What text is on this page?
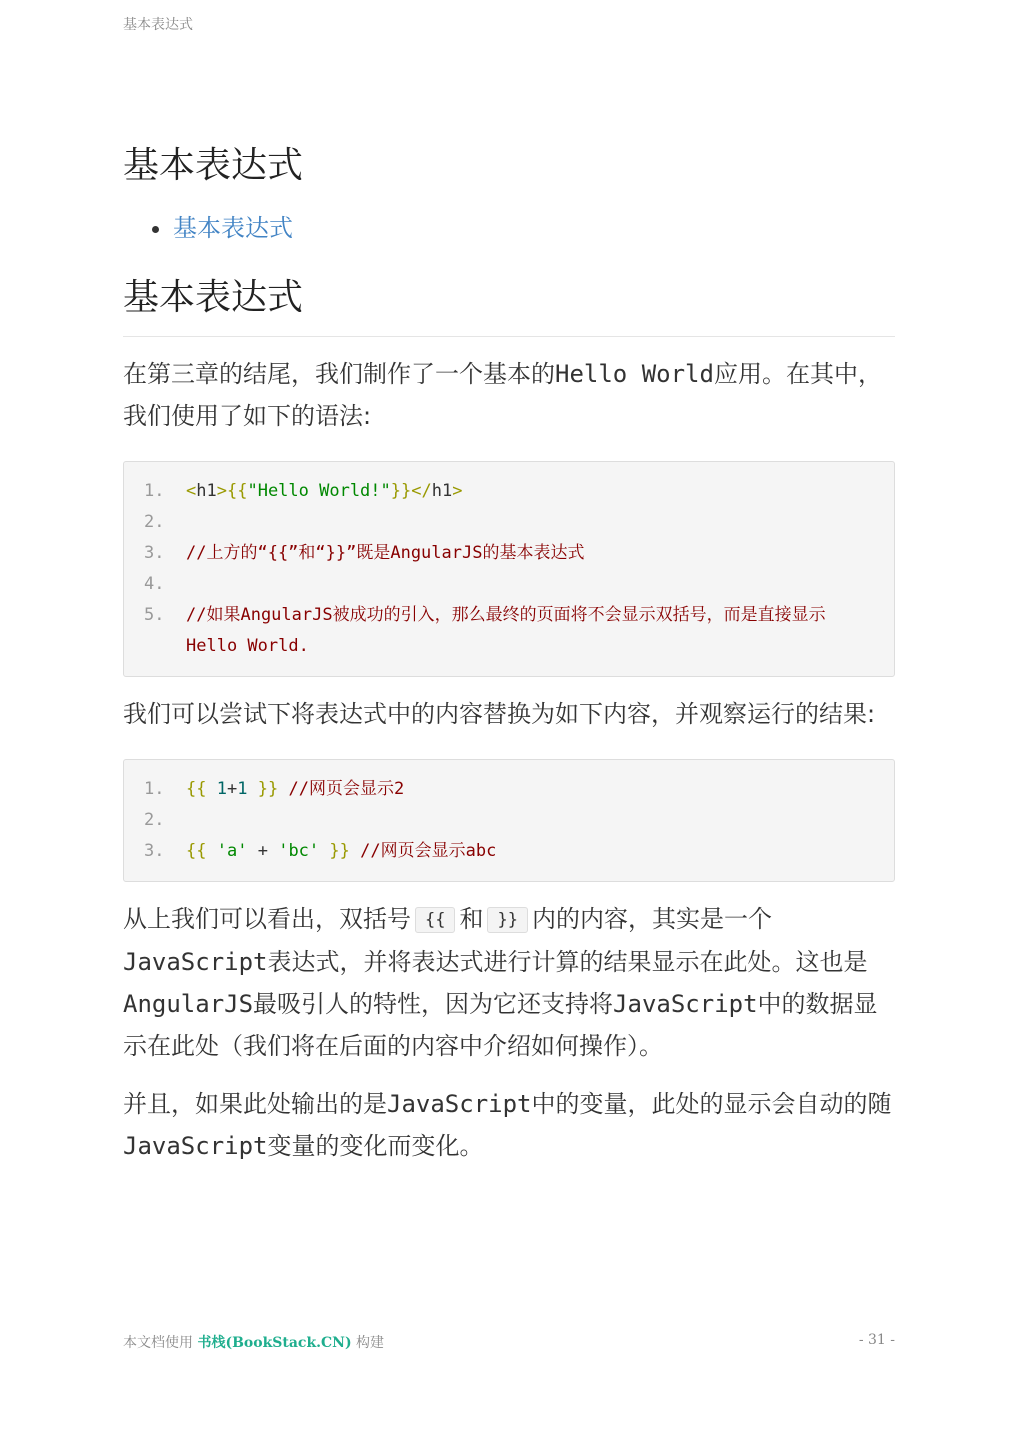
基本表达式
基本表达式
• 基本表达式
基本表达式

在第三章的结尾，我们制作了一个基本的Hello World应用。在其中，我们使用了如下的语法:

1.	<h1>{{"Hello World!"}}</h1>
2.
3.	//上方的“{{”和“}}”既是AngularJS的基本表达式
4.
5.	//如果AngularJS被成功的引入，那么最终的页面将不会显示双括号，而是直接显示Hello World.

我们可以尝试下将表达式中的内容替换为如下内容，并观察运行的结果:

1.	{{ 1+1 }} //网页会显示2
2.
3.	{{ 'a' + 'bc' }} //网页会显示abc

从上我们可以看出，双括号 {{ 和 }} 内的内容，其实是一个JavaScript表达式，并将表达式进行计算的结果显示在此处。这也是AngularJS最吸引人的特性，因为它还支持将JavaScript中的数据显示在此处（我们将在后面的内容中介绍如何操作）。

并且，如果此处输出的是JavaScript中的变量，此处的显示会自动的随JavaScript变量的变化而变化。

本文档使用 书栈(BookStack.CN) 构建	- 31 -
